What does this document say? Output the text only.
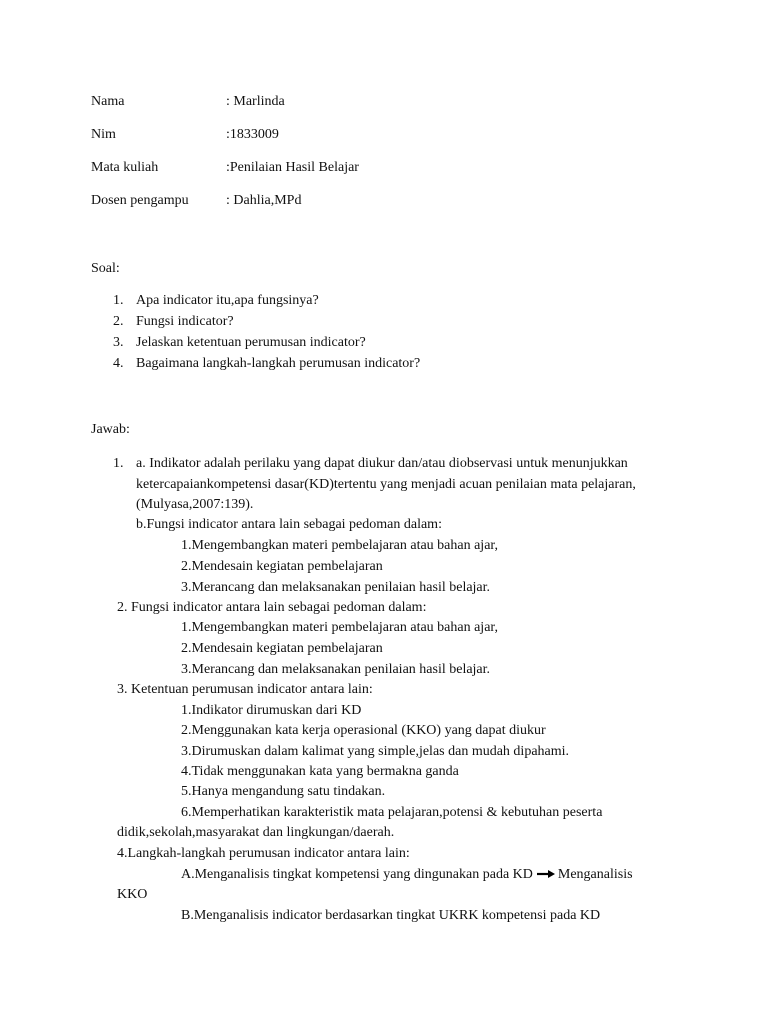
Nama	: Marlinda
Nim	:1833009
Mata kuliah	:Penilaian Hasil Belajar
Dosen pengampu	: Dahlia,MPd
Soal:
1. Apa indicator itu,apa fungsinya?
2. Fungsi indicator?
3. Jelaskan ketentuan perumusan indicator?
4. Bagaimana langkah-langkah perumusan indicator?
Jawab:
1. a. Indikator adalah perilaku yang dapat diukur dan/atau diobservasi untuk menunjukkan
ketercapaiankompetensi dasar(KD)tertentu yang menjadi acuan penilaian mata pelajaran,
(Mulyasa,2007:139).
b.Fungsi indicator antara lain sebagai pedoman dalam:
1.Mengembangkan materi pembelajaran atau bahan ajar,
2.Mendesain kegiatan pembelajaran
3.Merancang dan melaksanakan penilaian hasil belajar.
2. Fungsi indicator antara lain sebagai pedoman dalam:
1.Mengembangkan materi pembelajaran atau bahan ajar,
2.Mendesain kegiatan pembelajaran
3.Merancang dan melaksanakan penilaian hasil belajar.
3. Ketentuan perumusan indicator antara lain:
1.Indikator dirumuskan dari KD
2.Menggunakan kata kerja operasional (KKO) yang dapat diukur
3.Dirumuskan dalam kalimat yang simple,jelas dan mudah dipahami.
4.Tidak menggunakan kata yang bermakna ganda
5.Hanya mengandung satu tindakan.
6.Memperhatikan karakteristik mata pelajaran,potensi & kebutuhan peserta
didik,sekolah,masyarakat dan lingkungan/daerah.
4.Langkah-langkah perumusan indicator antara lain:
A.Menganalisis tingkat kompetensi yang dingunakan pada KD Menganalisis
KKO
B.Menganalisis indicator berdasarkan tingkat UKRK kompetensi pada KD
